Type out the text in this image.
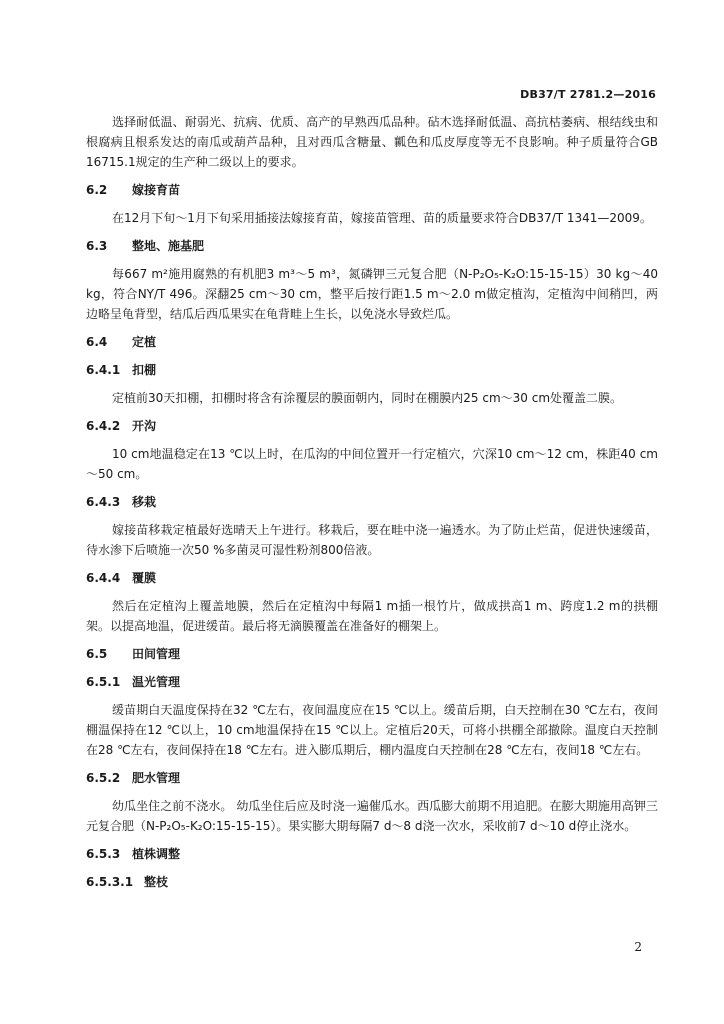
DB37/T 2781.2—2016

选择耐低温、耐弱光、抗病、优质、高产的早熟西瓜品种。砧木选择耐低温、高抗枯萎病、根结线虫和根腐病且根系发达的南瓜或葫芦品种，且对西瓜含糖量、瓤色和瓜皮厚度等无不良影响。种子质量符合GB 16715.1规定的生产种二级以上的要求。

6.2 嫁接育苗

在12月下旬～1月下旬采用插接法嫁接育苗，嫁接苗管理、苗的质量要求符合DB37/T 1341—2009。

6.3 整地、施基肥

每667 m²施用腐熟的有机肥3 m³～5 m³，氮磷钾三元复合肥（N-P₂O₅-K₂O:15-15-15）30 kg～40 kg，符合NY/T 496。深翻25 cm～30 cm，整平后按行距1.5 m～2.0 m做定植沟，定植沟中间稍凹，两边略呈龟背型，结瓜后西瓜果实在龟背畦上生长，以免浇水导致烂瓜。

6.4 定植
6.4.1 扣棚

定植前30天扣棚，扣棚时将含有涂覆层的膜面朝内，同时在棚膜内25 cm～30 cm处覆盖二膜。

6.4.2 开沟

10 cm地温稳定在13 ℃以上时，在瓜沟的中间位置开一行定植穴，穴深10 cm～12 cm，株距40 cm～50 cm。

6.4.3 移栽

嫁接苗移栽定植最好选晴天上午进行。移栽后，要在畦中浇一遍透水。为了防止烂苗，促进快速缓苗，待水渗下后喷施一次50 %多菌灵可湿性粉剂800倍液。

6.4.4 覆膜

然后在定植沟上覆盖地膜，然后在定植沟中每隔1 m插一根竹片，做成拱高1 m、跨度1.2 m的拱棚架。以提高地温，促进缓苗。最后将无滴膜覆盖在准备好的棚架上。

6.5 田间管理
6.5.1 温光管理

缓苗期白天温度保持在32 ℃左右，夜间温度应在15 ℃以上。缓苗后期，白天控制在30 ℃左右，夜间棚温保持在12 ℃以上，10 cm地温保持在15 ℃以上。定植后20天，可将小拱棚全部撤除。温度白天控制在28 ℃左右，夜间保持在18 ℃左右。进入膨瓜期后，棚内温度白天控制在28 ℃左右，夜间18 ℃左右。

6.5.2 肥水管理

幼瓜坐住之前不浇水。 幼瓜坐住后应及时浇一遍催瓜水。西瓜膨大前期不用追肥。在膨大期施用高钾三元复合肥（N-P₂O₅-K₂O:15-15-15）。果实膨大期每隔7 d～8 d浇一次水，采收前7 d～10 d停止浇水。

6.5.3 植株调整
6.5.3.1 整枝
2
